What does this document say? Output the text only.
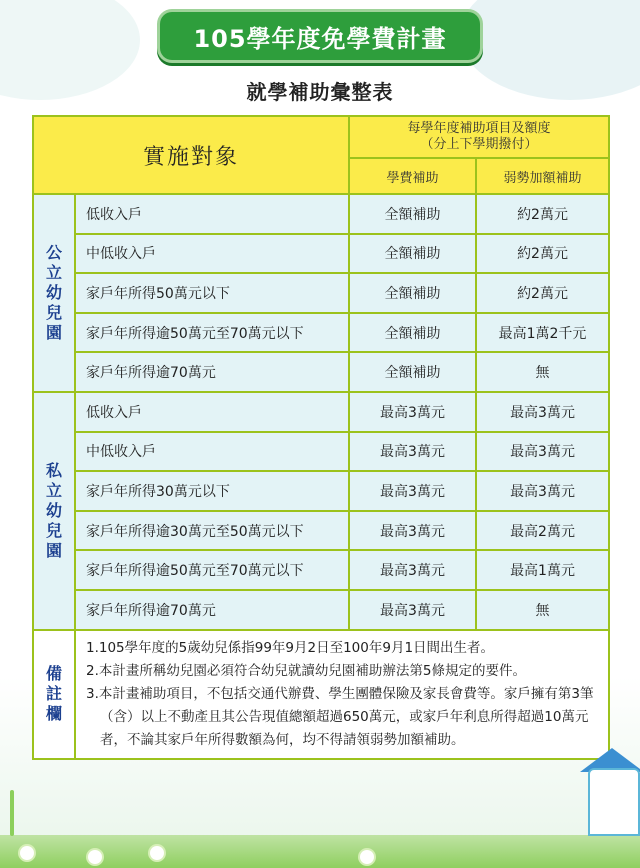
105學年度免學費計畫
就學補助彙整表
實施對象		每學年度補助項目及額度
（分上下學期撥付）	
		學費補助	弱勢加額補助
公立幼兒園	低收入戶	全額補助	約2萬元
	中低收入戶	全額補助	約2萬元
	家戶年所得50萬元以下	全額補助	約2萬元
	家戶年所得逾50萬元至70萬元以下	全額補助	最高1萬2千元
	家戶年所得逾70萬元	全額補助	無
私立幼兒園	低收入戶	最高3萬元	最高3萬元
	中低收入戶	最高3萬元	最高3萬元
	家戶年所得30萬元以下	最高3萬元	最高3萬元
	家戶年所得逾30萬元至50萬元以下	最高3萬元	最高2萬元
	家戶年所得逾50萬元至70萬元以下	最高3萬元	最高1萬元
	家戶年所得逾70萬元	最高3萬元	無
備註欄	1.105學年度的5歲幼兒係指99年9月2日至100年9月1日間出生者。

2.本計畫所稱幼兒園必須符合幼兒就讀幼兒園補助辦法第5條規定的要件。

3.本計畫補助項目，不包括交通代辦費、學生團體保險及家長會費等。家戶擁有第3筆（含）以上不動產且其公告現值總額超過650萬元，或家戶年利息所得超過10萬元者，不論其家戶年所得數額為何，均不得請領弱勢加額補助。		
